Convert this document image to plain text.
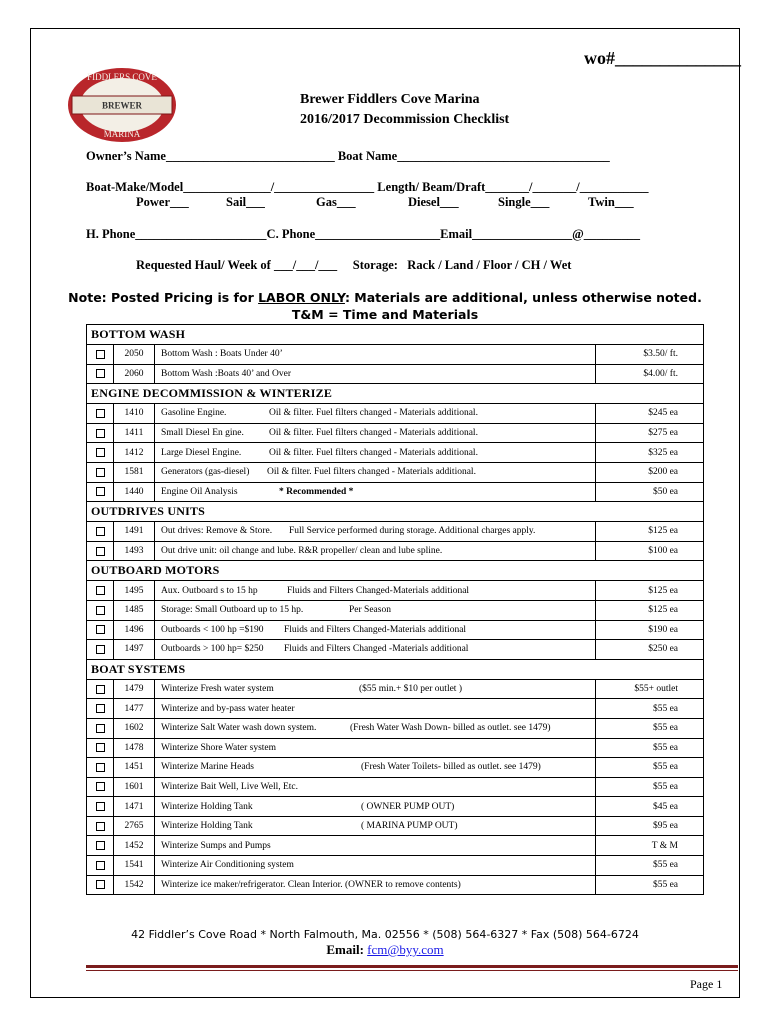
wo#______________
FIDDLERS COVE
BREWER
MARINA
Brewer Fiddlers Cove Marina
2016/2017 Decommission Checklist
Owner’s Name___________________________ Boat Name__________________________________
Boat-Make/Model______________/________________ Length/ Beam/Draft_______/_______/___________
Power___	Sail___	Gas___	Diesel___	Single___	Twin___
H. Phone_____________________C. Phone____________________Email________________@_________
Requested Haul/ Week of ___/___/___     Storage:   Rack / Land / Floor / CH / Wet
Note: Posted Pricing is for LABOR ONLY: Materials are additional, unless otherwise noted.
T&M = Time and Materials
BOTTOM WASH
2050	Bottom Wash : Boats Under 40’	$3.50/ ft.
2060	Bottom Wash :Boats 40’ and Over	$4.00/ ft.
ENGINE DECOMMISSION & WINTERIZE
1410	Gasoline Engine.	Oil & filter. Fuel filters changed - Materials additional.	$245 ea
1411	Small Diesel En gine.	Oil & filter. Fuel filters changed - Materials additional.	$275 ea
1412	Large Diesel Engine.	Oil & filter. Fuel filters changed - Materials additional.	$325 ea
1581	Generators (gas-diesel) Oil & filter. Fuel filters changed - Materials additional.	$200 ea
1440	Engine Oil Analysis	* Recommended *	$50 ea
OUTDRIVES UNITS
1491	Out drives: Remove & Store. Full Service performed during storage. Additional charges apply.	$125 ea
1493	Out drive unit: oil change and lube. R&R propeller/ clean and lube spline.	$100 ea
OUTBOARD MOTORS
1495	Aux. Outboard s to 15 hp	Fluids and Filters Changed-Materials additional	$125 ea
1485	Storage: Small Outboard up to 15 hp.	Per Season	$125 ea
1496	Outboards < 100 hp =$190 Fluids and Filters Changed-Materials additional	$190 ea
1497	Outboards > 100 hp= $250 Fluids and Filters Changed -Materials additional	$250 ea
BOAT SYSTEMS
1479	Winterize Fresh water system	($55 min.+ $10 per outlet )	$55+ outlet
1477	Winterize and by-pass water heater	$55 ea
1602	Winterize Salt Water wash down system.	(Fresh Water Wash Down- billed as outlet. see 1479)	$55 ea
1478	Winterize Shore Water system	$55 ea
1451	Winterize Marine Heads	(Fresh Water Toilets- billed as outlet. see 1479)	$55 ea
1601	Winterize Bait Well, Live Well, Etc.	$55 ea
1471	Winterize Holding Tank	( OWNER PUMP OUT)	$45 ea
2765	Winterize Holding Tank	( MARINA PUMP OUT)	$95 ea
1452	Winterize Sumps and Pumps	T & M
1541	Winterize Air Conditioning system	$55 ea
1542	Winterize ice maker/refrigerator. Clean Interior. (OWNER to remove contents)	$55 ea
42 Fiddler’s Cove Road * North Falmouth, Ma. 02556 * (508) 564-6327 * Fax (508) 564-6724
Email: fcm@byy.com
Page 1
